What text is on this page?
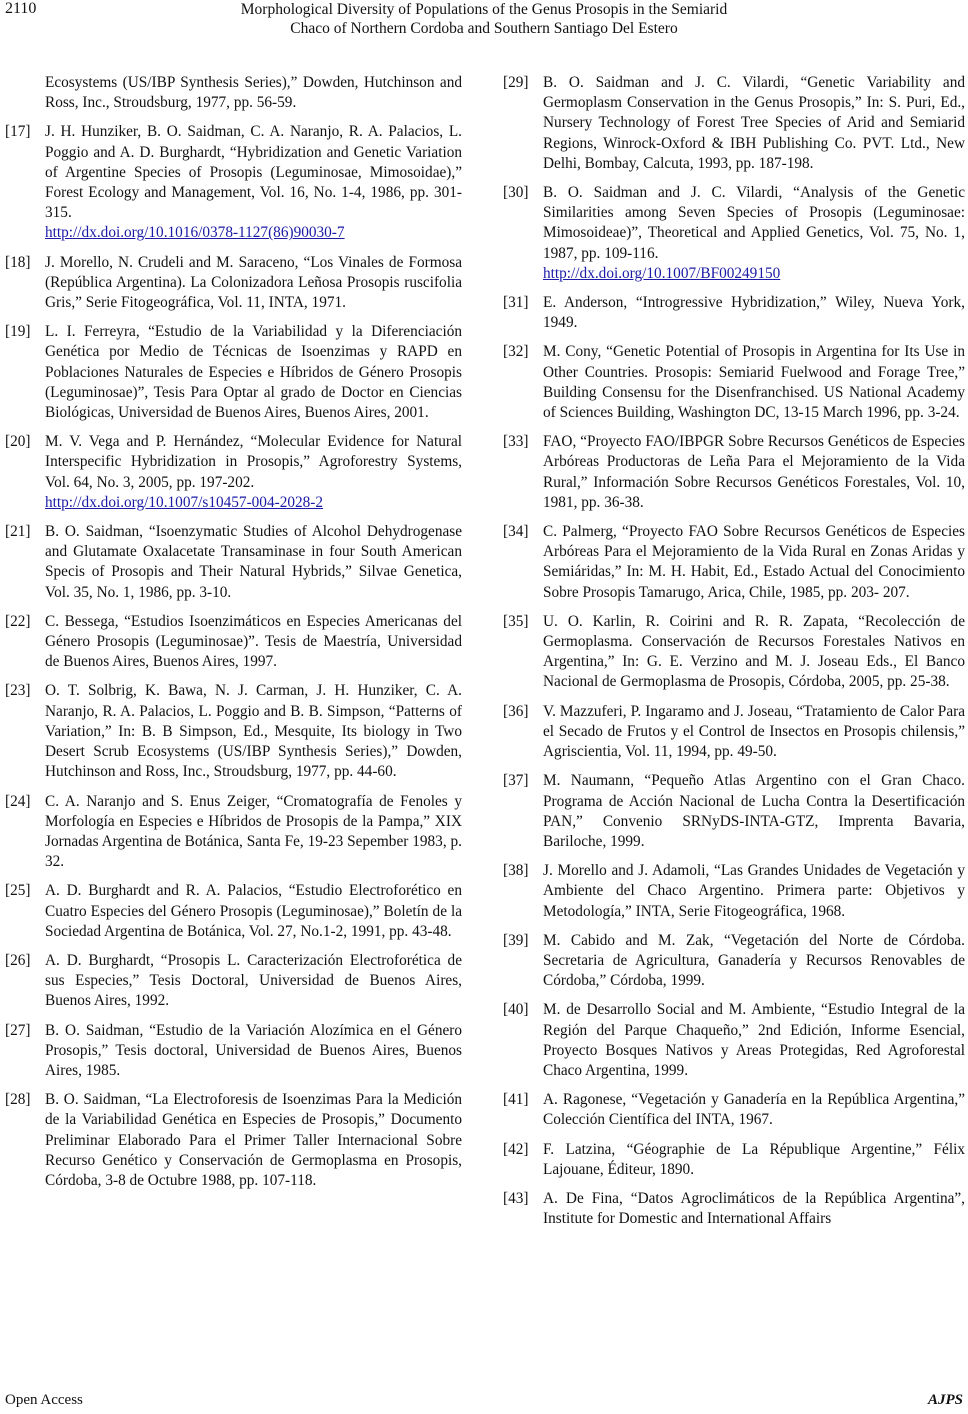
2110	Morphological Diversity of Populations of the Genus Prosopis in the Semiarid
Chaco of Northern Cordoba and Southern Santiago Del Estero
Ecosystems (US/IBP Synthesis Series),” Dowden, Hutchinson and Ross, Inc., Stroudsburg, 1977, pp. 56-59.
[17] J. H. Hunziker, B. O. Saidman, C. A. Naranjo, R. A. Palacios, L. Poggio and A. D. Burghardt, “Hybridization and Genetic Variation of Argentine Species of Prosopis (Leguminosae, Mimosoidae),” Forest Ecology and Management, Vol. 16, No. 1-4, 1986, pp. 301-315.
http://dx.doi.org/10.1016/0378-1127(86)90030-7
[18] J. Morello, N. Crudeli and M. Saraceno, “Los Vinales de Formosa (República Argentina). La Colonizadora Leñosa Prosopis ruscifolia Gris,” Serie Fitogeográfica, Vol. 11, INTA, 1971.
[19] L. I. Ferreyra, “Estudio de la Variabilidad y la Diferenciación Genética por Medio de Técnicas de Isoenzimas y RAPD en Poblaciones Naturales de Especies e Híbridos de Género Prosopis (Leguminosae)”, Tesis Para Optar al grado de Doctor en Ciencias Biológicas, Universidad de Buenos Aires, Buenos Aires, 2001.
[20] M. V. Vega and P. Hernández, “Molecular Evidence for Natural Interspecific Hybridization in Prosopis,” Agroforestry Systems, Vol. 64, No. 3, 2005, pp. 197-202.
http://dx.doi.org/10.1007/s10457-004-2028-2
[21] B. O. Saidman, “Isoenzymatic Studies of Alcohol Dehydrogenase and Glutamate Oxalacetate Transaminase in four South American Specis of Prosopis and Their Natural Hybrids,” Silvae Genetica, Vol. 35, No. 1, 1986, pp. 3-10.
[22] C. Bessega, “Estudios Isoenzimáticos en Especies Americanas del Género Prosopis (Leguminosae)”. Tesis de Maestría, Universidad de Buenos Aires, Buenos Aires, 1997.
[23] O. T. Solbrig, K. Bawa, N. J. Carman, J. H. Hunziker, C. A. Naranjo, R. A. Palacios, L. Poggio and B. B. Simpson, “Patterns of Variation,” In: B. B Simpson, Ed., Mesquite, Its biology in Two Desert Scrub Ecosystems (US/IBP Synthesis Series),” Dowden, Hutchinson and Ross, Inc., Stroudsburg, 1977, pp. 44-60.
[24] C. A. Naranjo and S. Enus Zeiger, “Cromatografía de Fenoles y Morfología en Especies e Híbridos de Prosopis de la Pampa,” XIX Jornadas Argentina de Botánica, Santa Fe, 19-23 Sepember 1983, p. 32.
[25] A. D. Burghardt and R. A. Palacios, “Estudio Electroforético en Cuatro Especies del Género Prosopis (Leguminosae),” Boletín de la Sociedad Argentina de Botánica, Vol. 27, No.1-2, 1991, pp. 43-48.
[26] A. D. Burghardt, “Prosopis L. Caracterización Electroforética de sus Especies,” Tesis Doctoral, Universidad de Buenos Aires, Buenos Aires, 1992.
[27] B. O. Saidman, “Estudio de la Variación Alozímica en el Género Prosopis,” Tesis doctoral, Universidad de Buenos Aires, Buenos Aires, 1985.
[28] B. O. Saidman, “La Electroforesis de Isoenzimas Para la Medición de la Variabilidad Genética en Especies de Prosopis,” Documento Preliminar Elaborado Para el Primer Taller Internacional Sobre Recurso Genético y Conservación de Germoplasma en Prosopis, Córdoba, 3-8 de Octubre 1988, pp. 107-118.
[29] B. O. Saidman and J. C. Vilardi, “Genetic Variability and Germoplasm Conservation in the Genus Prosopis,” In: S. Puri, Ed., Nursery Technology of Forest Tree Species of Arid and Semiarid Regions, Winrock-Oxford & IBH Publishing Co. PVT. Ltd., New Delhi, Bombay, Calcuta, 1993, pp. 187-198.
[30] B. O. Saidman and J. C. Vilardi, “Analysis of the Genetic Similarities among Seven Species of Prosopis (Leguminosae: Mimosoideae)”, Theoretical and Applied Genetics, Vol. 75, No. 1, 1987, pp. 109-116.
http://dx.doi.org/10.1007/BF00249150
[31] E. Anderson, “Introgressive Hybridization,” Wiley, Nueva York, 1949.
[32] M. Cony, “Genetic Potential of Prosopis in Argentina for Its Use in Other Countries. Prosopis: Semiarid Fuelwood and Forage Tree,” Building Consensu for the Disenfranchised. US National Academy of Sciences Building, Washington DC, 13-15 March 1996, pp. 3-24.
[33] FAO, “Proyecto FAO/IBPGR Sobre Recursos Genéticos de Especies Arbóreas Productoras de Leña Para el Mejoramiento de la Vida Rural,” Información Sobre Recursos Genéticos Forestales, Vol. 10, 1981, pp. 36-38.
[34] C. Palmerg, “Proyecto FAO Sobre Recursos Genéticos de Especies Arbóreas Para el Mejoramiento de la Vida Rural en Zonas Aridas y Semiáridas,” In: M. H. Habit, Ed., Estado Actual del Conocimiento Sobre Prosopis Tamarugo, Arica, Chile, 1985, pp. 203- 207.
[35] U. O. Karlin, R. Coirini and R. R. Zapata, “Recolección de Germoplasma. Conservación de Recursos Forestales Nativos en Argentina,” In: G. E. Verzino and M. J. Joseau Eds., El Banco Nacional de Germoplasma de Prosopis, Córdoba, 2005, pp. 25-38.
[36] V. Mazzuferi, P. Ingaramo and J. Joseau, “Tratamiento de Calor Para el Secado de Frutos y el Control de Insectos en Prosopis chilensis,” Agriscientia, Vol. 11, 1994, pp. 49-50.
[37] M. Naumann, “Pequeño Atlas Argentino con el Gran Chaco. Programa de Acción Nacional de Lucha Contra la Desertificación PAN,” Convenio SRNyDS-INTA-GTZ, Imprenta Bavaria, Bariloche, 1999.
[38] J. Morello and J. Adamoli, “Las Grandes Unidades de Vegetación y Ambiente del Chaco Argentino. Primera parte: Objetivos y Metodología,” INTA, Serie Fitogeográfica, 1968.
[39] M. Cabido and M. Zak, “Vegetación del Norte de Córdoba. Secretaria de Agricultura, Ganadería y Recursos Renovables de Córdoba,” Córdoba, 1999.
[40] M. de Desarrollo Social and M. Ambiente, “Estudio Integral de la Región del Parque Chaqueño,” 2nd Edición, Informe Esencial, Proyecto Bosques Nativos y Areas Protegidas, Red Agroforestal Chaco Argentina, 1999.
[41] A. Ragonese, “Vegetación y Ganadería en la República Argentina,” Colección Científica del INTA, 1967.
[42] F. Latzina, “Géographie de La République Argentine,” Félix Lajouane, Éditeur, 1890.
[43] A. De Fina, “Datos Agroclimáticos de la República Argentina”, Institute for Domestic and International Affairs
Open Access	AJPS
